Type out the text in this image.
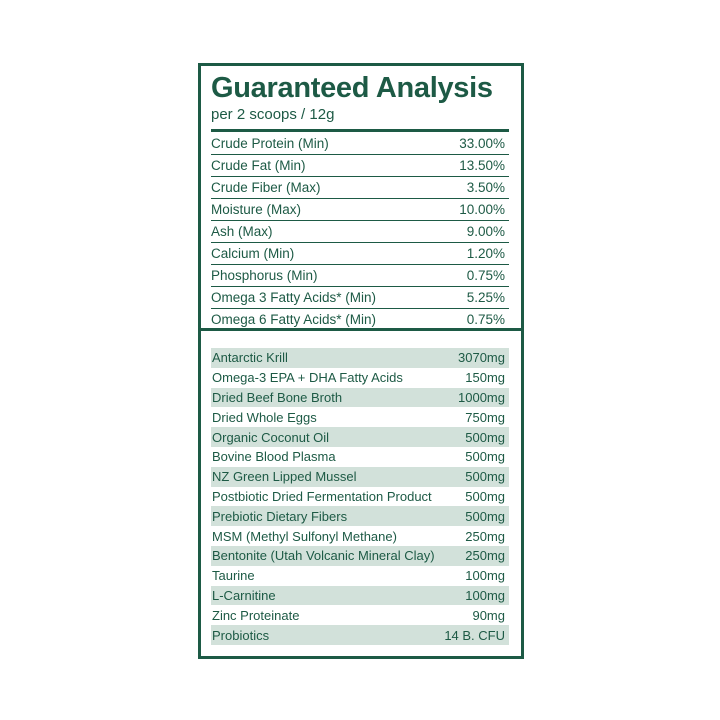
Guaranteed Analysis
per 2 scoops / 12g
Crude Protein (Min)	33.00%
Crude Fat (Min)	13.50%
Crude Fiber (Max)	3.50%
Moisture (Max)	10.00%
Ash (Max)	9.00%
Calcium (Min)	1.20%
Phosphorus (Min)	0.75%
Omega 3 Fatty Acids* (Min)	5.25%
Omega 6 Fatty Acids* (Min)	0.75%
Antarctic Krill	3070mg
Omega-3 EPA + DHA Fatty Acids	150mg
Dried Beef Bone Broth	1000mg
Dried Whole Eggs	750mg
Organic Coconut Oil	500mg
Bovine Blood Plasma	500mg
NZ Green Lipped Mussel	500mg
Postbiotic Dried Fermentation Product	500mg
Prebiotic Dietary Fibers	500mg
MSM (Methyl Sulfonyl Methane)	250mg
Bentonite (Utah Volcanic Mineral Clay) 250mg
Taurine	100mg
L-Carnitine	100mg
Zinc Proteinate	90mg
Probiotics	14 B. CFU
